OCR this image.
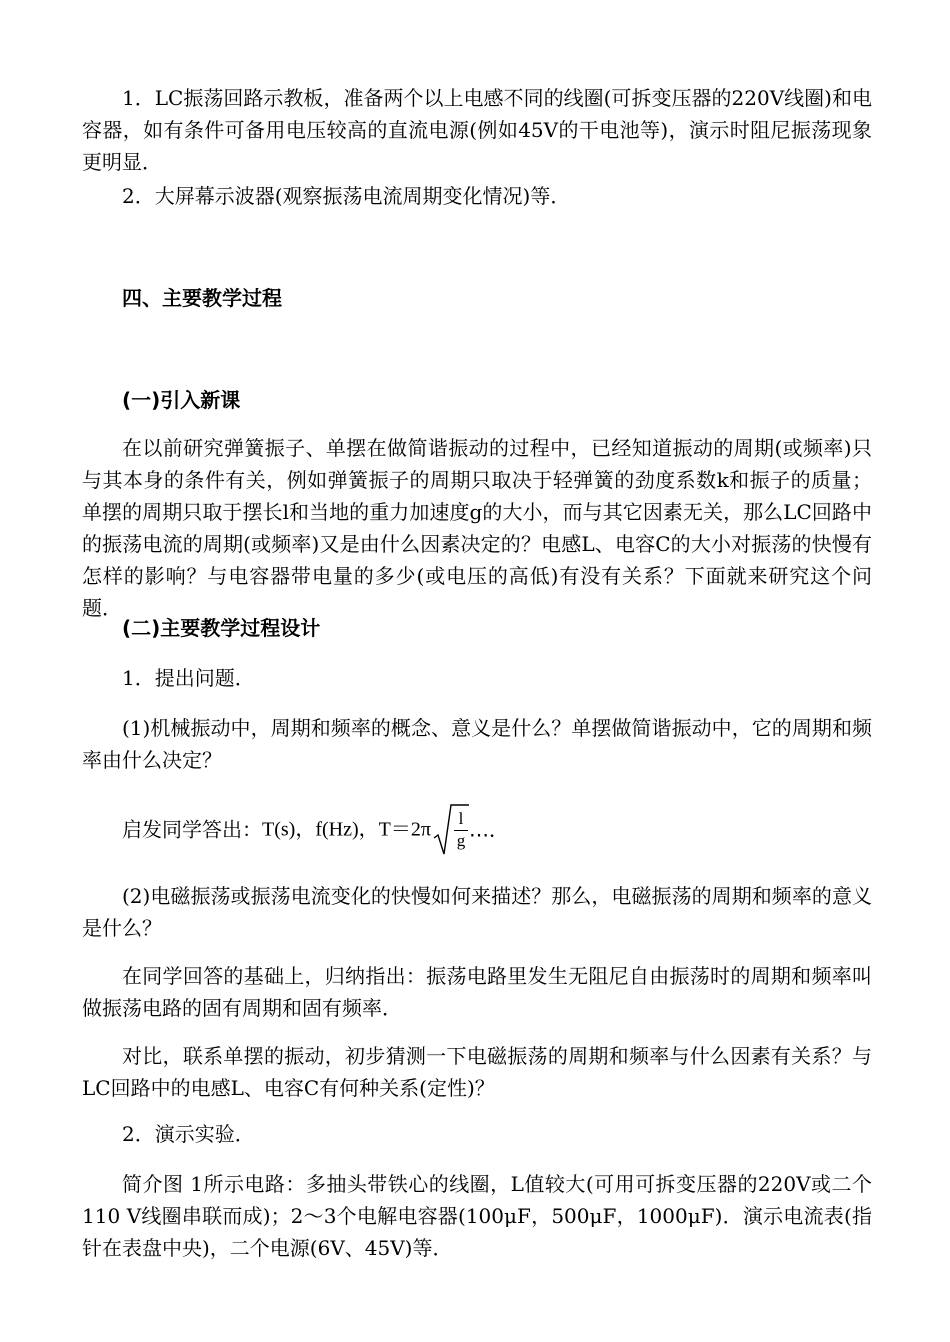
1．LC振荡回路示教板，准备两个以上电感不同的线圈(可拆变压器的220V线圈)和电容器，如有条件可备用电压较高的直流电源(例如45V的干电池等)，演示时阻尼振荡现象更明显．

2．大屏幕示波器(观察振荡电流周期变化情况)等．

四、主要教学过程

(一)引入新课

在以前研究弹簧振子、单摆在做简谐振动的过程中，已经知道振动的周期(或频率)只与其本身的条件有关，例如弹簧振子的周期只取决于轻弹簧的劲度系数k和振子的质量；单摆的周期只取于摆长l和当地的重力加速度g的大小，而与其它因素无关，那么LC回路中的振荡电流的周期(或频率)又是由什么因素决定的？电感L、电容C的大小对振荡的快慢有怎样的影响？与电容器带电量的多少(或电压的高低)有没有关系？下面就来研究这个问题．

(二)主要教学过程设计

1．提出问题．

(1)机械振动中，周期和频率的概念、意义是什么？单摆做简谐振动中，它的周期和频率由什么决定？

启发同学答出：T(s)，f(Hz)，T＝2π
l
g …．

(2)电磁振荡或振荡电流变化的快慢如何来描述？那么，电磁振荡的周期和频率的意义是什么？

在同学回答的基础上，归纳指出：振荡电路里发生无阻尼自由振荡时的周期和频率叫做振荡电路的固有周期和固有频率．

对比，联系单摆的振动，初步猜测一下电磁振荡的周期和频率与什么因素有关系？与LC回路中的电感L、电容C有何种关系(定性)？

2．演示实验．

简介图 1所示电路：多抽头带铁心的线圈，L值较大(可用可拆变压器的220V或二个110 V线圈串联而成)；2～3个电解电容器(100μF，500μF，1000μF)．演示电流表(指针在表盘中央)，二个电源(6V、45V)等．
